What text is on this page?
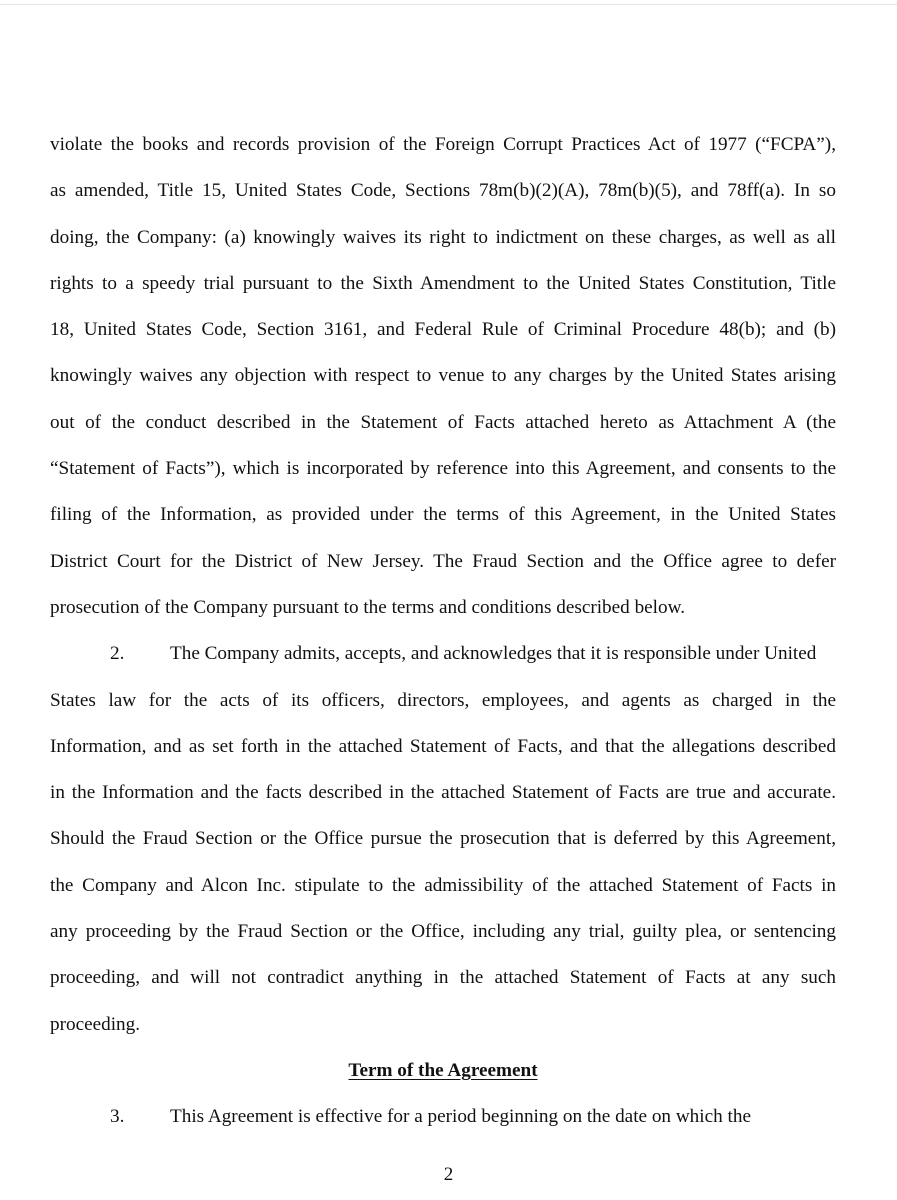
violate the books and records provision of the Foreign Corrupt Practices Act of 1977 (“FCPA”),
as amended, Title 15, United States Code, Sections 78m(b)(2)(A), 78m(b)(5), and 78ff(a). In so
doing, the Company: (a) knowingly waives its right to indictment on these charges, as well as all
rights to a speedy trial pursuant to the Sixth Amendment to the United States Constitution, Title
18, United States Code, Section 3161, and Federal Rule of Criminal Procedure 48(b); and (b)
knowingly waives any objection with respect to venue to any charges by the United States arising
out of the conduct described in the Statement of Facts attached hereto as Attachment A (the
“Statement of Facts”), which is incorporated by reference into this Agreement, and consents to the
filing of the Information, as provided under the terms of this Agreement, in the United States
District Court for the District of New Jersey. The Fraud Section and the Office agree to defer
prosecution of the Company pursuant to the terms and conditions described below.
2. The Company admits, accepts, and acknowledges that it is responsible under United
States law for the acts of its officers, directors, employees, and agents as charged in the
Information, and as set forth in the attached Statement of Facts, and that the allegations described
in the Information and the facts described in the attached Statement of Facts are true and accurate.
Should the Fraud Section or the Office pursue the prosecution that is deferred by this Agreement,
the Company and Alcon Inc. stipulate to the admissibility of the attached Statement of Facts in
any proceeding by the Fraud Section or the Office, including any trial, guilty plea, or sentencing
proceeding, and will not contradict anything in the attached Statement of Facts at any such
proceeding.
Term of the Agreement
3. This Agreement is effective for a period beginning on the date on which the
2
